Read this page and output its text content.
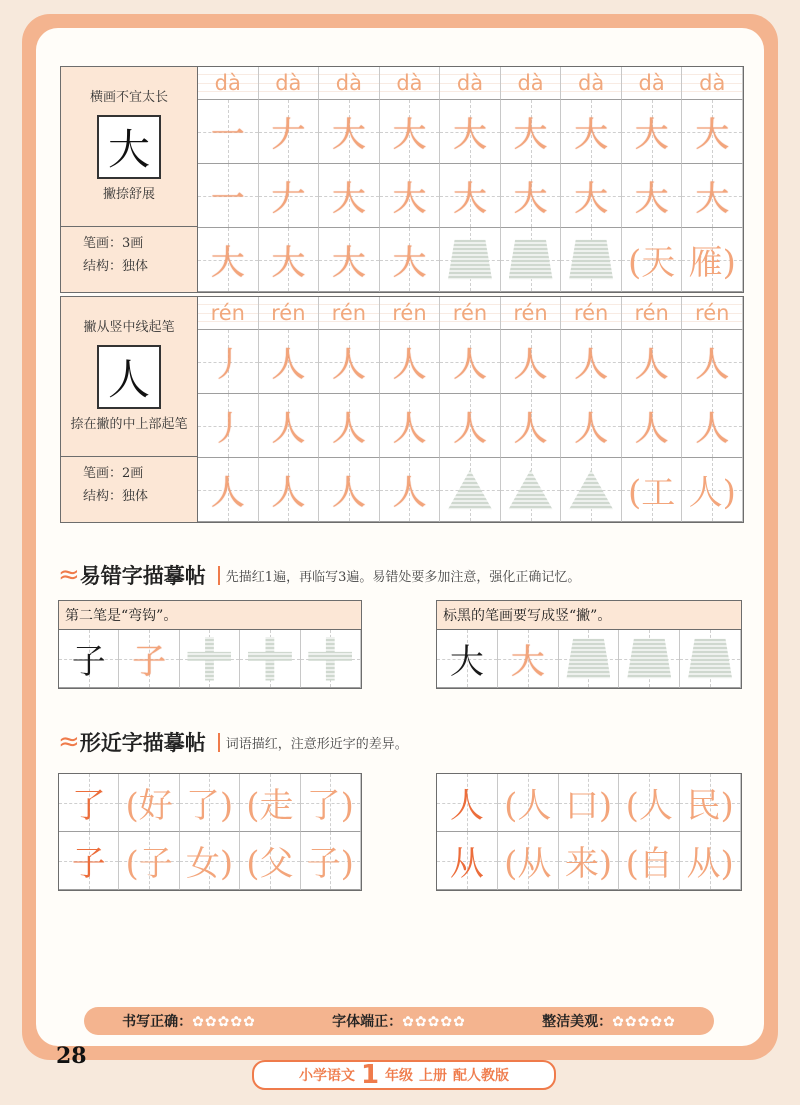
横画不宜太长
大
撇捺舒展
笔画：3画
结构：独体
dà	dà	dà	dà	dà	dà	dà	dà	dà
一 𠂇 大 大 大 大 大 大 大
一 𠂇 大 大 大 大 大 大 大
大 大 大 大	(天 雁)
撇从竖中线起笔
人
捺在撇的中上部起笔
笔画：2画
结构：独体
rén	rén	rén	rén	rén	rén	rén	rén	rén
丿 人 人 人 人 人 人 人 人
丿 人 人 人 人 人 人 人 人
人 人 人 人	(工 人)
≈ 易错字描摹帖	先描红1遍，再临写3遍。易错处要多加注意，强化正确记忆。
第二笔是“弯钩”。
子 子
标黑的笔画要写成竖“撇”。
大 大
≈ 形近字描摹帖	词语描红，注意形近字的差异。
了 (好 了) (走 了)
子 (子 女) (父 子)
人 (人 口) (人 民)
从 (从 来) (自 从)
书写正确：✿✿✿✿✿	字体端正：✿✿✿✿✿	整洁美观：✿✿✿✿✿
28
小学语文 1 年级 上册 配人教版
